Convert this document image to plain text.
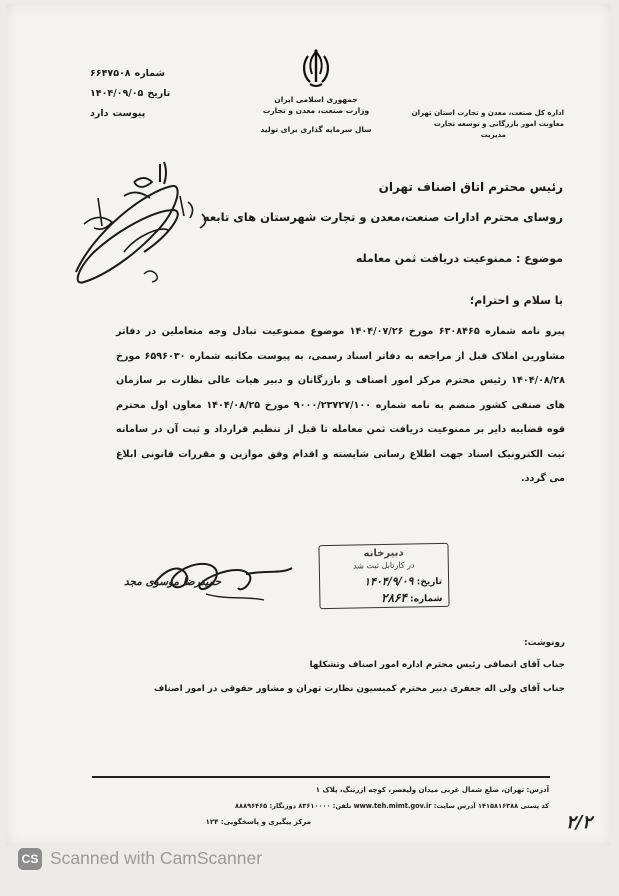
شماره
۶۶۴۷۵۰۸
تاریخ
۱۴۰۴/۰۹/۰۵
پیوست
دارد
جمهوری اسلامی ایران
وزارت صنعت، معدن و تجارت
سال سرمایه گذاری برای تولید
اداره کل صنعت، معدن و تجارت استان تهران
معاونت امور بازرگانی و توسعه تجارت
مدیریت
رئیس محترم اتاق اصناف تهران
روسای محترم ادارات صنعت،معدن و تجارت شهرستان های تابعه
موضوع : ممنوعیت دریافت ثمن معامله
با سلام و احترام؛
پیرو نامه شماره ۶۳۰۸۴۶۵ مورخ ۱۴۰۴/۰۷/۲۶ موضوع ممنوعیت تبادل وجه متعاملین در دفاتر مشاورین املاک قبل از مراجعه به دفاتر اسناد رسمی، به پیوست مکاتبه شماره ۶۵۹۶۰۳۰ مورخ ۱۴۰۴/۰۸/۲۸ رئیس محترم مرکز امور اصناف و بازرگانان و دبیر هیات عالی نظارت بر سازمان های صنفی کشور منضم به نامه شماره ۹۰۰۰/۲۳۷۲۷/۱۰۰ مورخ ۱۴۰۴/۰۸/۲۵ معاون اول محترم قوه قضاییه دایر بر ممنوعیت دریافت ثمن معامله تا قبل از تنظیم قرارداد و ثبت آن در سامانه ثبت الکترونیک اسناد جهت اطلاع رسانی شایسته و اقدام وفق موازین و مقررات قانونی ابلاغ می گردد.
حمیدرضا موسوی مجد
دبیرخانه
در کارتابل ثبت شد
تاریخ: ۱۴۰۴/۹/۰۹
شماره: ۲۸۶۴
رونوشت:
جناب آقای انصافی رئیس محترم اداره امور اصناف وتشکلها
جناب آقای ولی اله جعفری دبیر محترم کمیسیون نظارت تهران و مشاور حقوقی در امور اصناف
آدرس: تهران، ضلع شمال غربی میدان ولیعصر، کوچه ازرتنگ، پلاک ۱
کد پستی ۱۴۱۵۸۱۶۳۸۸ آدرس سایت: www.teh.mimt.gov.ir تلفن: ۸۳۶۱۰۰۰۰ دورنگار: ۸۸۸۹۶۴۶۵
مرکز پیگیری و پاسخگویی: ۱۲۴	۲/۲
CS Scanned with CamScanner
